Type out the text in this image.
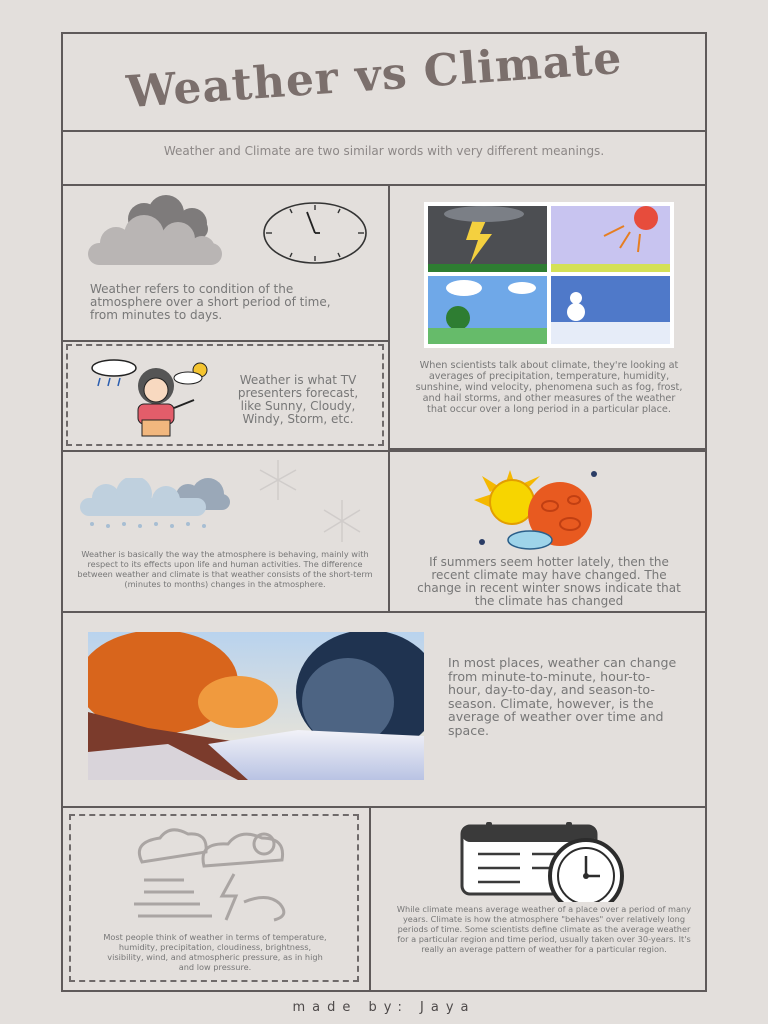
Weather vs Climate
Weather and Climate are two similar words with very different meanings.
Weather refers to condition of the atmosphere over a short period of time, from minutes to days.
When scientists talk about climate, they're looking at averages of precipitation, temperature, humidity, sunshine, wind velocity, phenomena such as fog, frost, and hail storms, and other measures of the weather that occur over a long period in a particular place.
Weather is what TV presenters forecast, like Sunny, Cloudy, Windy, Storm, etc.
Weather is basically the way the atmosphere is behaving, mainly with respect to its effects upon life and human activities. The difference between weather and climate is that weather consists of the short-term (minutes to months) changes in the atmosphere.
If summers seem hotter lately, then the recent climate may have changed. The change in recent winter snows indicate that the climate has changed
In most places, weather can change from minute-to-minute, hour-to-hour, day-to-day, and season-to-season. Climate, however, is the average of weather over time and space.
Most people think of weather in terms of temperature, humidity, precipitation, cloudiness, brightness, visibility, wind, and atmospheric pressure, as in high and low pressure.
While climate means average weather of a place over a period of many years. Climate is how the atmosphere "behaves" over relatively long periods of time. Some scientists define climate as the average weather for a particular region and time period, usually taken over 30-years. It's really an average pattern of weather for a particular region.
made by: Jaya
